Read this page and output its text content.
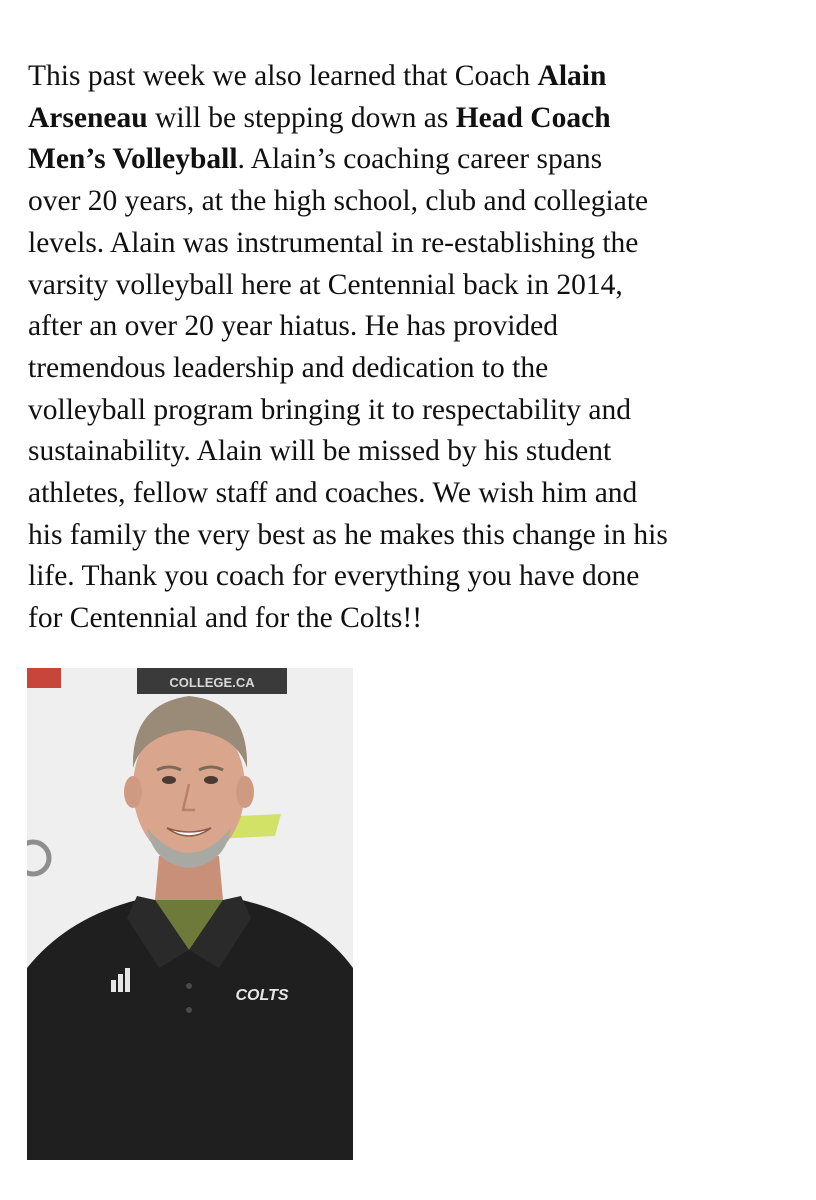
This past week we also learned that Coach Alain
Arseneau will be stepping down as Head Coach
Men’s Volleyball. Alain’s coaching career spans
over 20 years, at the high school, club and collegiate
levels. Alain was instrumental in re-establishing the
varsity volleyball here at Centennial back in 2014,
after an over 20 year hiatus. He has provided
tremendous leadership and dedication to the
volleyball program bringing it to respectability and
sustainability. Alain will be missed by his student
athletes, fellow staff and coaches. We wish him and
his family the very best as he makes this change in his
life. Thank you coach for everything you have done
for Centennial and for the Colts!!

COLLEGE.CA
COLTS
